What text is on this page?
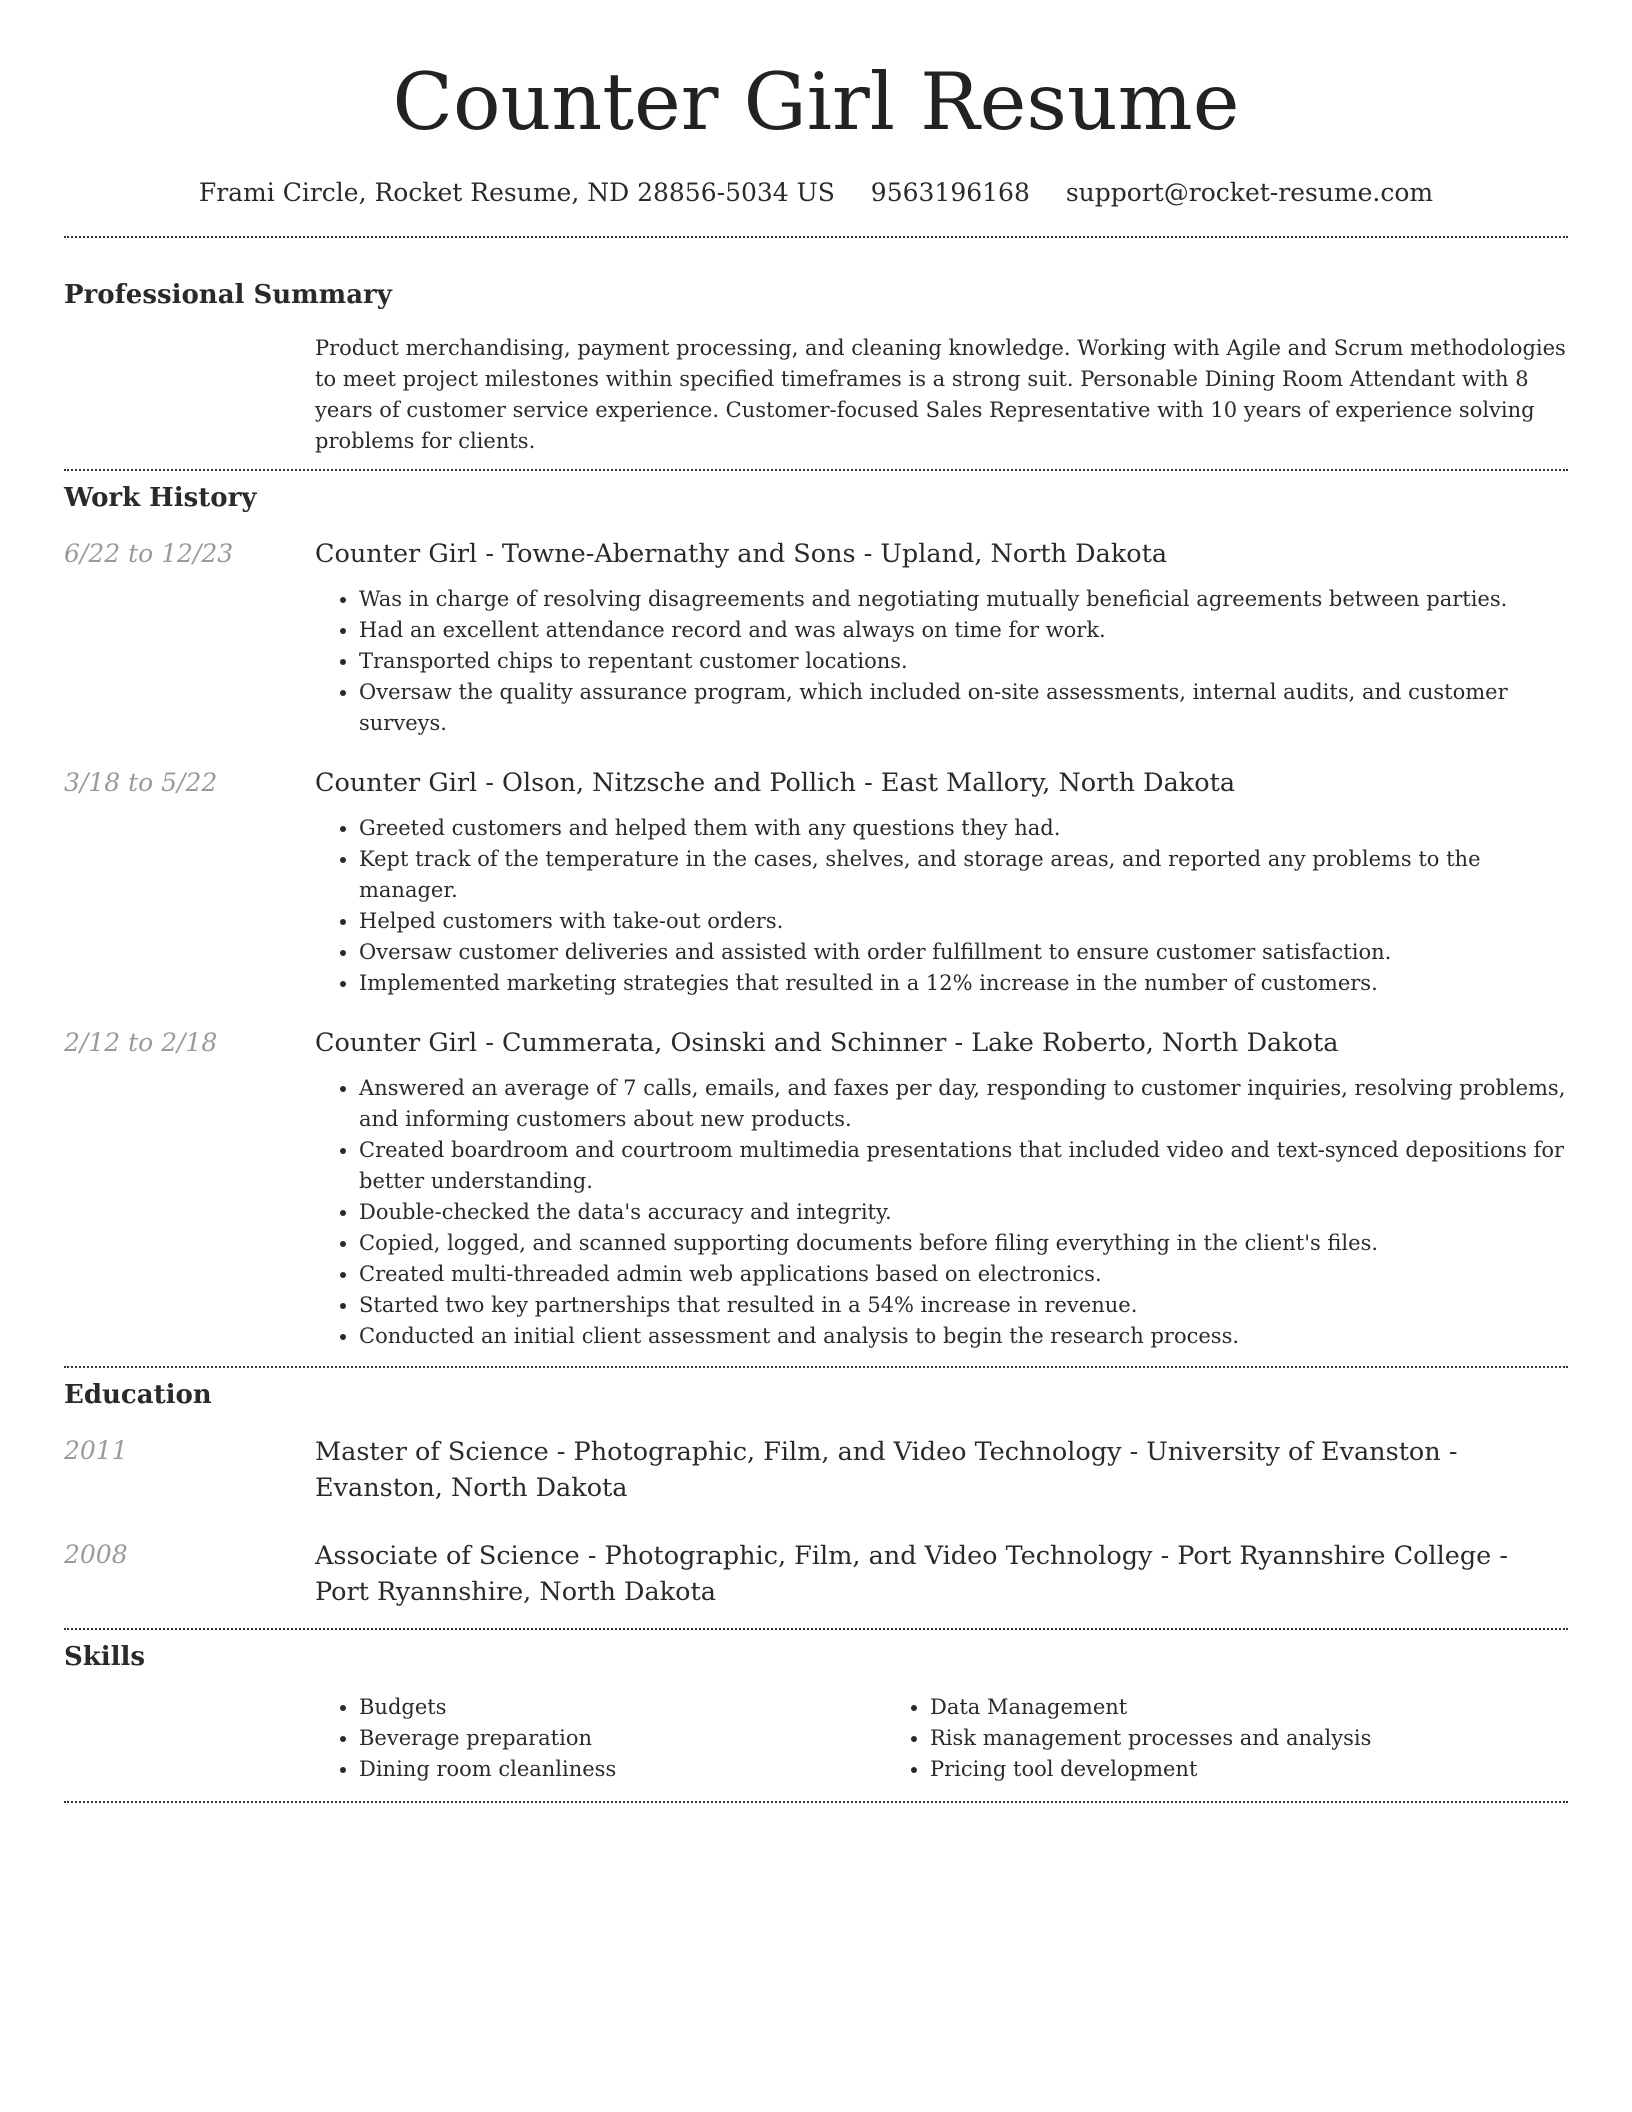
Counter Girl Resume
Frami Circle, Rocket Resume, ND 28856-5034 US 9563196168 support@rocket-resume.com
Professional Summary

Product merchandising, payment processing, and cleaning knowledge. Working with Agile and Scrum methodologies to meet project milestones within specified timeframes is a strong suit. Personable Dining Room Attendant with 8 years of customer service experience. Customer-focused Sales Representative with 10 years of experience solving problems for clients.

Work History
6/22 to 12/23	Counter Girl - Towne-Abernathy and Sons - Upland, North Dakota
• Was in charge of resolving disagreements and negotiating mutually beneficial agreements between parties.
• Had an excellent attendance record and was always on time for work.
• Transported chips to repentant customer locations.
• Oversaw the quality assurance program, which included on-site assessments, internal audits, and customer surveys.
3/18 to 5/22	Counter Girl - Olson, Nitzsche and Pollich - East Mallory, North Dakota
• Greeted customers and helped them with any questions they had.
• Kept track of the temperature in the cases, shelves, and storage areas, and reported any problems to the manager.
• Helped customers with take-out orders.
• Oversaw customer deliveries and assisted with order fulfillment to ensure customer satisfaction.
• Implemented marketing strategies that resulted in a 12% increase in the number of customers.
2/12 to 2/18	Counter Girl - Cummerata, Osinski and Schinner - Lake Roberto, North Dakota
• Answered an average of 7 calls, emails, and faxes per day, responding to customer inquiries, resolving problems, and informing customers about new products.
• Created boardroom and courtroom multimedia presentations that included video and text-synced depositions for better understanding.
• Double-checked the data's accuracy and integrity.
• Copied, logged, and scanned supporting documents before filing everything in the client's files.
• Created multi-threaded admin web applications based on electronics.
• Started two key partnerships that resulted in a 54% increase in revenue.
• Conducted an initial client assessment and analysis to begin the research process.
Education
2011	Master of Science - Photographic, Film, and Video Technology - University of Evanston - Evanston, North Dakota
2008	Associate of Science - Photographic, Film, and Video Technology - Port Ryannshire College - Port Ryannshire, North Dakota
Skills
• Budgets
• Beverage preparation
• Dining room cleanliness
• Data Management
• Risk management processes and analysis
• Pricing tool development
